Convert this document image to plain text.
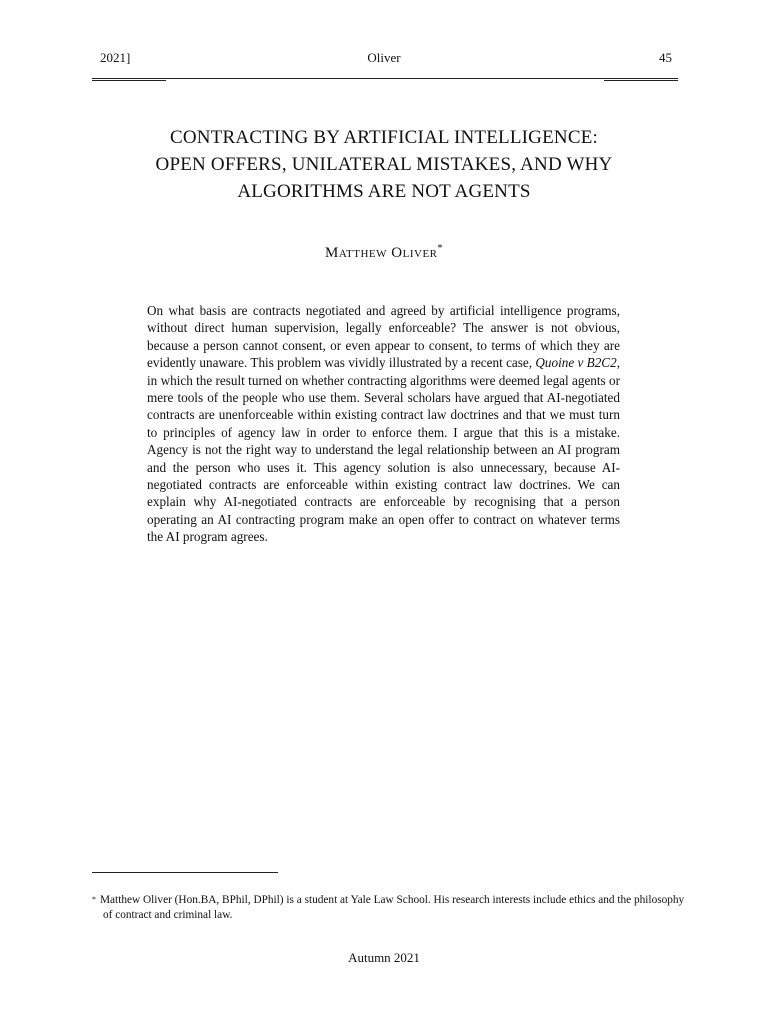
2021]	Oliver	45
CONTRACTING BY ARTIFICIAL INTELLIGENCE: OPEN OFFERS, UNILATERAL MISTAKES, AND WHY ALGORITHMS ARE NOT AGENTS
Matthew Oliver*

On what basis are contracts negotiated and agreed by artificial intelligence programs, without direct human supervision, legally enforceable? The answer is not obvious, because a person cannot consent, or even appear to consent, to terms of which they are evidently unaware. This problem was vividly illustrated by a recent case, Quoine v B2C2, in which the result turned on whether contracting algorithms were deemed legal agents or mere tools of the people who use them. Several scholars have argued that AI-negotiated contracts are unenforceable within existing contract law doctrines and that we must turn to principles of agency law in order to enforce them. I argue that this is a mistake. Agency is not the right way to understand the legal relationship between an AI program and the person who uses it. This agency solution is also unnecessary, because AI-negotiated contracts are enforceable within existing contract law doctrines. We can explain why AI-negotiated contracts are enforceable by recognising that a person operating an AI contracting program make an open offer to contract on whatever terms the AI program agrees.

* Matthew Oliver (Hon.BA, BPhil, DPhil) is a student at Yale Law School. His research interests include ethics and the philosophy of contract and criminal law.

Autumn 2021
